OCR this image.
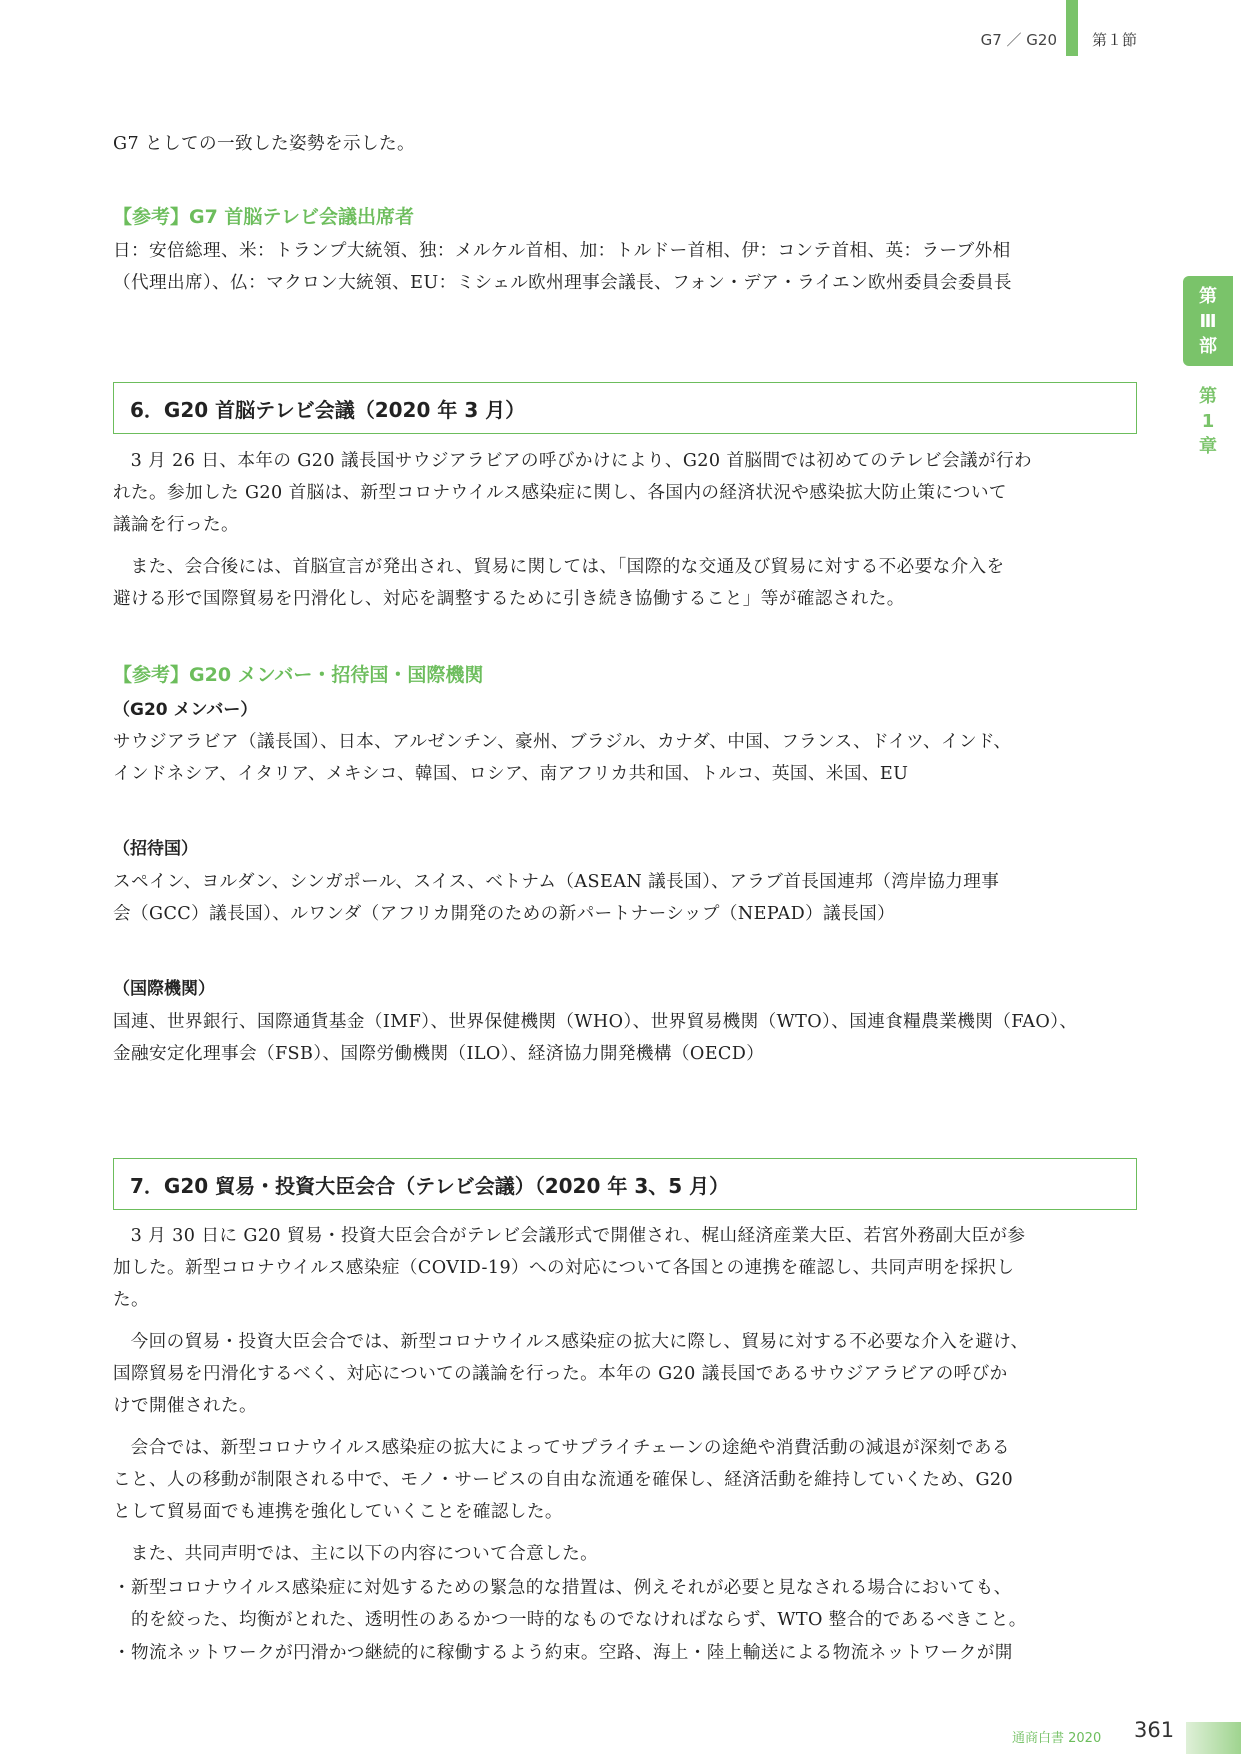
G7 ／ G20 第１節
第
Ⅲ
部
第
1
章
G7 としての一致した姿勢を示した。
【参考】G7 首脳テレビ会議出席者
日：安倍総理、米：トランプ大統領、独：メルケル首相、加：トルドー首相、伊：コンテ首相、英：ラーブ外相
（代理出席）、仏：マクロン大統領、EU：ミシェル欧州理事会議長、フォン・デア・ライエン欧州委員会委員長
6．G20 首脳テレビ会議（2020 年 3 月）
3 月 26 日、本年の G20 議長国サウジアラビアの呼びかけにより、G20 首脳間では初めてのテレビ会議が行わ
れた。参加した G20 首脳は、新型コロナウイルス感染症に関し、各国内の経済状況や感染拡大防止策について
議論を行った。
また、会合後には、首脳宣言が発出され、貿易に関しては、「国際的な交通及び貿易に対する不必要な介入を
避ける形で国際貿易を円滑化し、対応を調整するために引き続き協働すること」等が確認された。
【参考】G20 メンバー・招待国・国際機関
（G20 メンバー）
サウジアラビア（議長国）、日本、アルゼンチン、豪州、ブラジル、カナダ、中国、フランス、ドイツ、インド、
インドネシア、イタリア、メキシコ、韓国、ロシア、南アフリカ共和国、トルコ、英国、米国、EU
（招待国）
スペイン、ヨルダン、シンガポール、スイス、ベトナム（ASEAN 議長国）、アラブ首長国連邦（湾岸協力理事
会（GCC）議長国）、ルワンダ（アフリカ開発のための新パートナーシップ（NEPAD）議長国）
（国際機関）
国連、世界銀行、国際通貨基金（IMF）、世界保健機関（WHO）、世界貿易機関（WTO）、国連食糧農業機関（FAO）、
金融安定化理事会（FSB）、国際労働機関（ILO）、経済協力開発機構（OECD）
7．G20 貿易・投資大臣会合（テレビ会議）（2020 年 3、5 月）
3 月 30 日に G20 貿易・投資大臣会合がテレビ会議形式で開催され、梶山経済産業大臣、若宮外務副大臣が参
加した。新型コロナウイルス感染症（COVID-19）への対応について各国との連携を確認し、共同声明を採択し
た。
今回の貿易・投資大臣会合では、新型コロナウイルス感染症の拡大に際し、貿易に対する不必要な介入を避け、
国際貿易を円滑化するべく、対応についての議論を行った。本年の G20 議長国であるサウジアラビアの呼びか
けで開催された。
会合では、新型コロナウイルス感染症の拡大によってサプライチェーンの途絶や消費活動の減退が深刻である
こと、人の移動が制限される中で、モノ・サービスの自由な流通を確保し、経済活動を維持していくため、G20
として貿易面でも連携を強化していくことを確認した。
また、共同声明では、主に以下の内容について合意した。
・新型コロナウイルス感染症に対処するための緊急的な措置は、例えそれが必要と見なされる場合においても、
的を絞った、均衡がとれた、透明性のあるかつ一時的なものでなければならず、WTO 整合的であるべきこと。
・物流ネットワークが円滑かつ継続的に稼働するよう約束。空路、海上・陸上輸送による物流ネットワークが開
通商白書 2020 361
